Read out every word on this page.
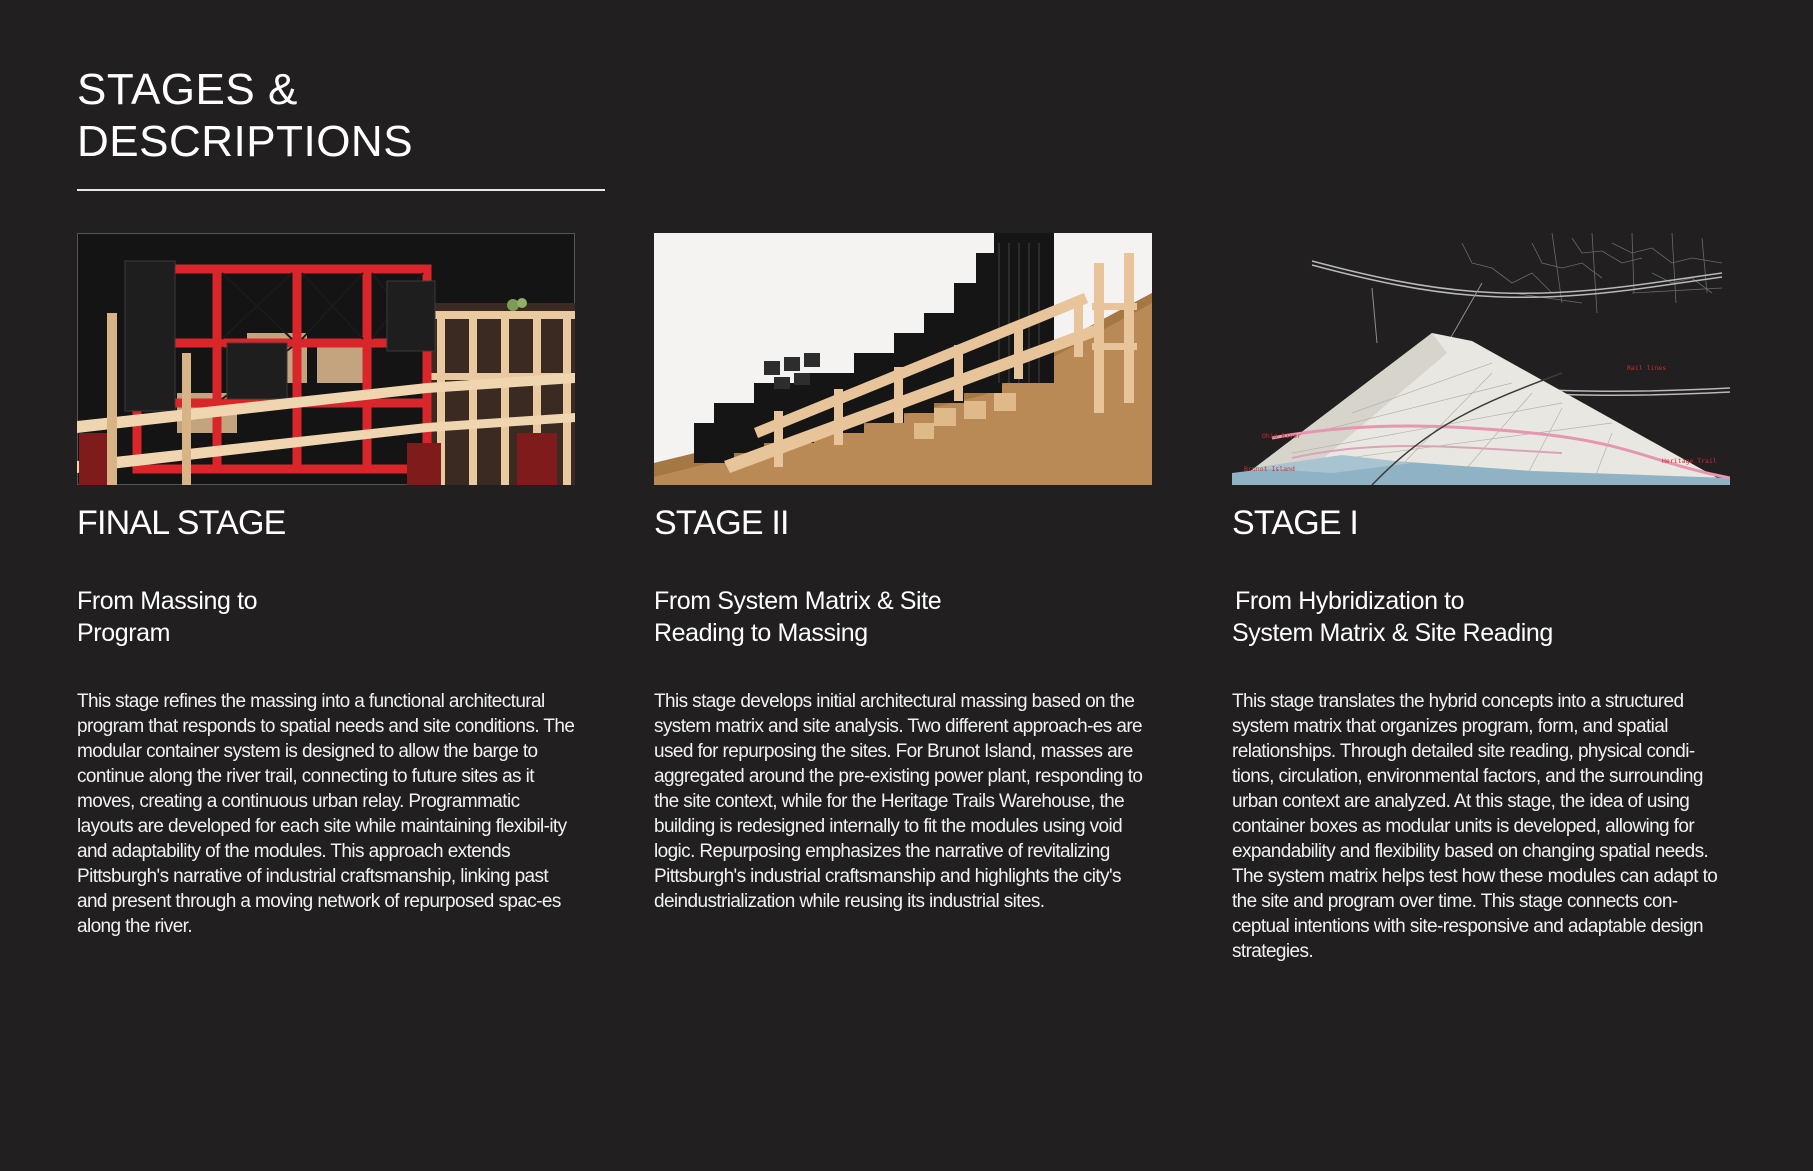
STAGES &
DESCRIPTIONS
FINAL STAGE
From Massing to
Program

This stage refines the massing into a functional architectural program that responds to spatial needs and site conditions. The modular container system is designed to allow the barge to continue along the river trail, connecting to future sites as it moves, creating a continuous urban relay. Programmatic layouts are developed for each site while maintaining flexibil-ity and adaptability of the modules. This approach extends Pittsburgh's narrative of industrial craftsmanship, linking past and present through a moving network of repurposed spac-es along the river.

STAGE II
From System Matrix & Site
Reading to Massing

This stage develops initial architectural massing based on the system matrix and site analysis. Two different approach-es are used for repurposing the sites. For Brunot Island, masses are aggregated around the pre-existing power plant, responding to the site context, while for the Heritage Trails Warehouse, the building is redesigned internally to fit the modules using void logic. Repurposing emphasizes the narrative of revitalizing Pittsburgh's industrial craftsmanship and highlights the city's deindustrialization while reusing its industrial sites.

Rail lines
Heritage Trail
Brunot Island
Ohio River
STAGE I
From Hybridization to
System Matrix & Site Reading

This stage translates the hybrid concepts into a structured system matrix that organizes program, form, and spatial relationships. Through detailed site reading, physical condi-tions, circulation, environmental factors, and the surrounding urban context are analyzed. At this stage, the idea of using container boxes as modular units is developed, allowing for expandability and flexibility based on changing spatial needs. The system matrix helps test how these modules can adapt to the site and program over time. This stage connects con-ceptual intentions with site-responsive and adaptable design strategies.
